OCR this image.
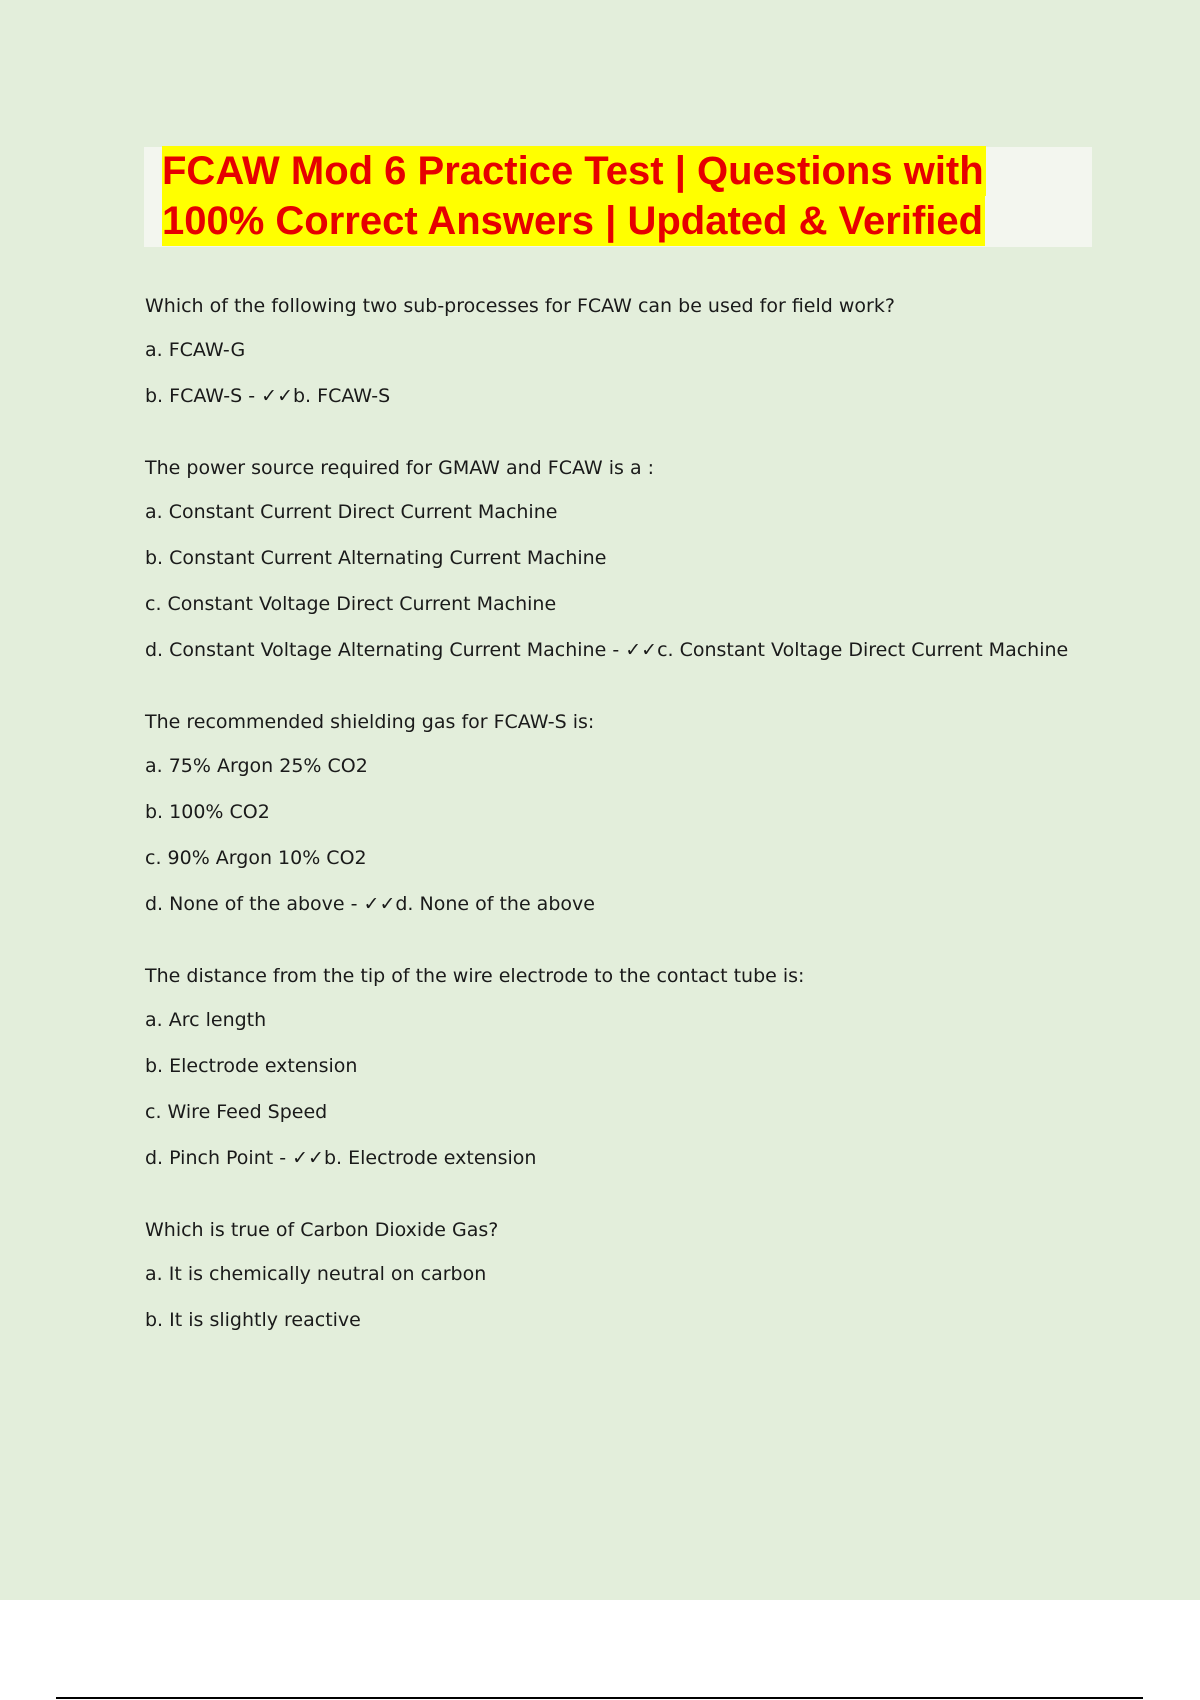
FCAW Mod 6 Practice Test | Questions with
100% Correct Answers | Updated & Verified
Which of the following two sub-processes for FCAW can be used for field work?
a. FCAW-G
b. FCAW-S - ✓✓b. FCAW-S
The power source required for GMAW and FCAW is a :
a. Constant Current Direct Current Machine
b. Constant Current Alternating Current Machine
c. Constant Voltage Direct Current Machine
d. Constant Voltage Alternating Current Machine - ✓✓c. Constant Voltage Direct Current Machine
The recommended shielding gas for FCAW-S is:
a. 75% Argon 25% CO2
b. 100% CO2
c. 90% Argon 10% CO2
d. None of the above - ✓✓d. None of the above
The distance from the tip of the wire electrode to the contact tube is:
a. Arc length
b. Electrode extension
c. Wire Feed Speed
d. Pinch Point - ✓✓b. Electrode extension
Which is true of Carbon Dioxide Gas?
a. It is chemically neutral on carbon
b. It is slightly reactive
